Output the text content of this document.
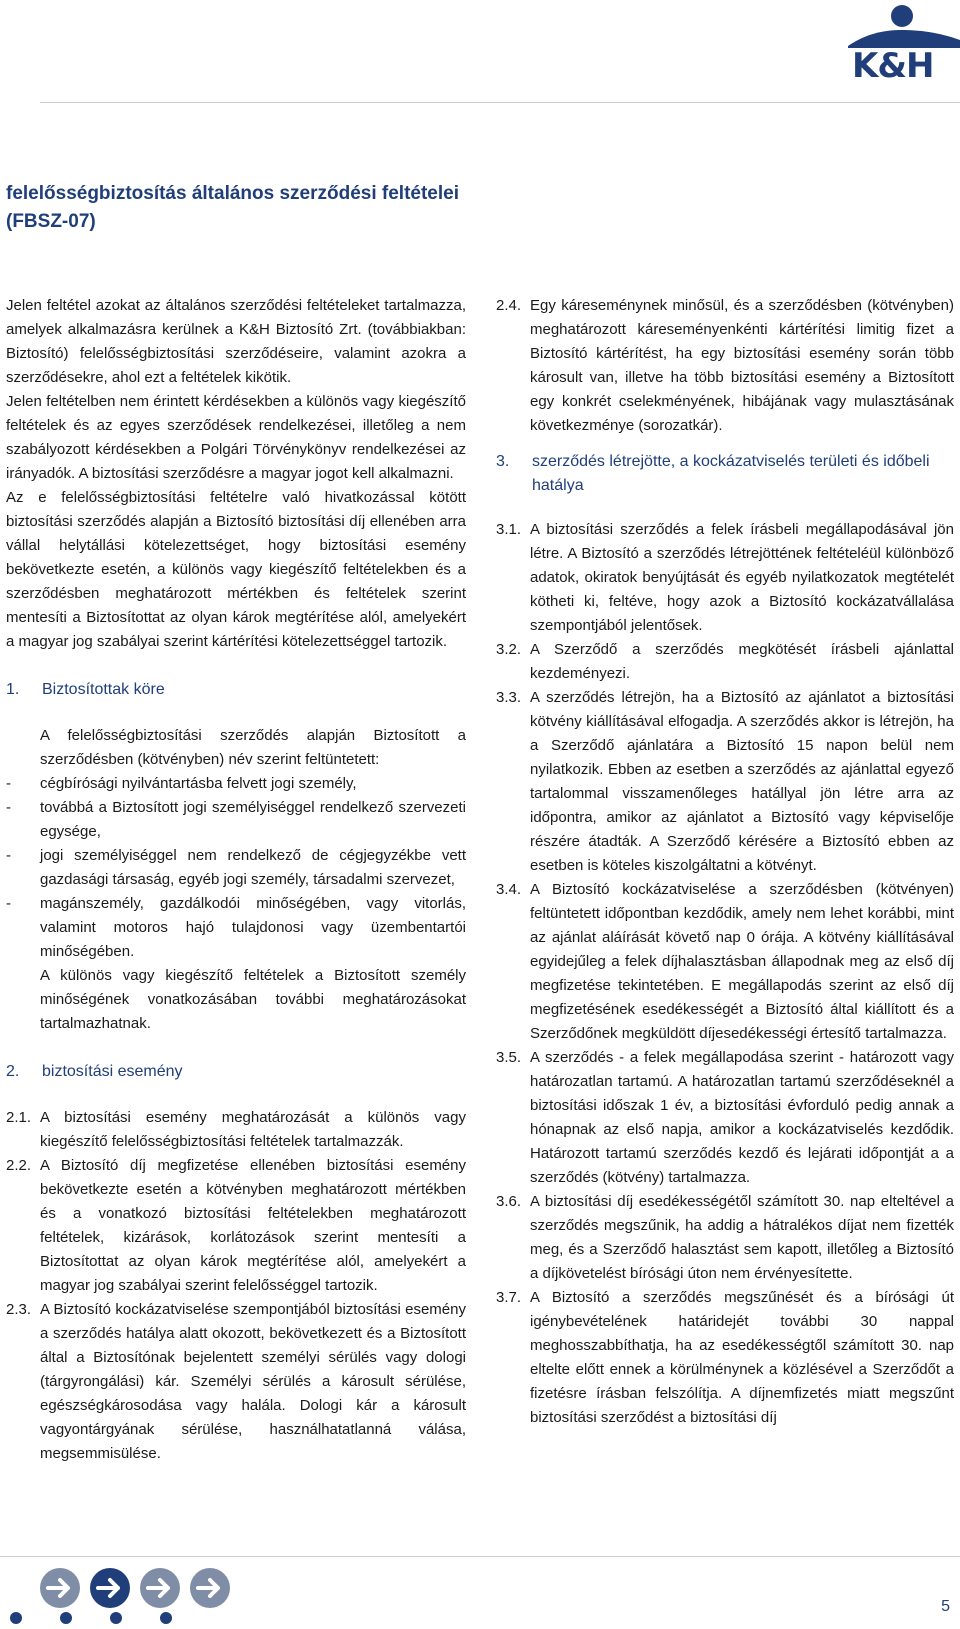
K&H
felelősségbiztosítás általános szerződési feltételei
(FBSZ-07)

Jelen feltétel azokat az általános szerződési feltételeket tartalmazza, amelyek alkalmazásra kerülnek a K&H Biztosító Zrt. (továbbiakban: Biztosító) felelősségbiztosítási szerződéseire, valamint azokra a szerződésekre, ahol ezt a feltételek kikötik.

Jelen feltételben nem érintett kérdésekben a különös vagy kiegészítő feltételek és az egyes szerződések rendelkezései, illetőleg a nem szabályozott kérdésekben a Polgári Törvénykönyv rendelkezései az irányadók. A biztosítási szerződésre a magyar jogot kell alkalmazni.

Az e felelősségbiztosítási feltételre való hivatkozással kötött biztosítási szerződés alapján a Biztosító biztosítási díj ellenében arra vállal helytállási kötelezettséget, hogy biztosítási esemény bekövetkezte esetén, a különös vagy kiegészítő feltételekben és a szerződésben meghatározott mértékben és feltételek szerint mentesíti a Biztosítottat az olyan károk megtérítése alól, amelyekért a magyar jog szabályai szerint kártérítési kötelezettséggel tartozik.

1.	Biztosítottak köre

A felelősségbiztosítási szerződés alapján Biztosított a szerződésben (kötvényben) név szerint feltüntetett:

-	cégbírósági nyilvántartásba felvett jogi személy,
-	továbbá a Biztosított jogi személyiséggel rendelkező szervezeti egysége,
-	jogi személyiséggel nem rendelkező de cégjegyzékbe vett gazdasági társaság, egyéb jogi személy, társadalmi szervezet,
-	magánszemély, gazdálkodói minőségében, vagy vitorlás, valamint motoros hajó tulajdonosi vagy üzembentartói minőségében.

A különös vagy kiegészítő feltételek a Biztosított személy minőségének vonatkozásában további meghatározásokat tartalmazhatnak.

2.	biztosítási esemény
2.1. A biztosítási esemény meghatározását a különös vagy kiegészítő felelősségbiztosítási feltételek tartalmazzák.
2.2. A Biztosító díj megfizetése ellenében biztosítási esemény bekövetkezte esetén a kötvényben meghatározott mértékben és a vonatkozó biztosítási feltételekben meghatározott feltételek, kizárások, korlátozások szerint mentesíti a Biztosítottat az olyan károk megtérítése alól, amelyekért a magyar jog szabályai szerint felelősséggel tartozik.
2.3. A Biztosító kockázatviselése szempontjából biztosítási esemény a szerződés hatálya alatt okozott, bekövetkezett és a Biztosított által a Biztosítónak bejelentett személyi sérülés vagy dologi (tárgyrongálási) kár. Személyi sérülés a károsult sérülése, egészségkárosodása vagy halála. Dologi kár a károsult vagyontárgyának sérülése, használhatatlanná válása, megsemmisülése.
2.4. Egy káreseménynek minősül, és a szerződésben (kötvényben) meghatározott káreseményenkénti kártérítési limitig fizet a Biztosító kártérítést, ha egy biztosítási esemény során több károsult van, illetve ha több biztosítási esemény a Biztosított egy konkrét cselekményének, hibájának vagy mulasztásának következménye (sorozatkár).
3.	szerződés létrejötte, a kockázatviselés területi és időbeli hatálya
3.1. A biztosítási szerződés a felek írásbeli megállapodásával jön létre. A Biztosító a szerződés létrejöttének feltételéül különböző adatok, okiratok benyújtását és egyéb nyilatkozatok megtételét kötheti ki, feltéve, hogy azok a Biztosító kockázatvállalása szempontjából jelentősek.
3.2. A Szerződő a szerződés megkötését írásbeli ajánlattal kezdeményezi.
3.3. A szerződés létrejön, ha a Biztosító az ajánlatot a biztosítási kötvény kiállításával elfogadja. A szerződés akkor is létrejön, ha a Szerződő ajánlatára a Biztosító 15 napon belül nem nyilatkozik. Ebben az esetben a szerződés az ajánlattal egyező tartalommal visszamenőleges hatállyal jön létre arra az időpontra, amikor az ajánlatot a Biztosító vagy képviselője részére átadták. A Szerződő kérésére a Biztosító ebben az esetben is köteles kiszolgáltatni a kötvényt.
3.4. A Biztosító kockázatviselése a szerződésben (kötvényen) feltüntetett időpontban kezdődik, amely nem lehet korábbi, mint az ajánlat aláírását követő nap 0 órája. A kötvény kiállításával egyidejűleg a felek díjhalasztásban állapodnak meg az első díj megfizetése tekintetében. E megállapodás szerint az első díj megfizetésének esedékességét a Biztosító által kiállított és a Szerződőnek megküldött díjesedékességi értesítő tartalmazza.
3.5. A szerződés - a felek megállapodása szerint - határozott vagy határozatlan tartamú. A határozatlan tartamú szerződéseknél a biztosítási időszak 1 év, a biztosítási évforduló pedig annak a hónapnak az első napja, amikor a kockázatviselés kezdődik. Határozott tartamú szerződés kezdő és lejárati időpontját a a szerződés (kötvény) tartalmazza.
3.6. A biztosítási díj esedékességétől számított 30. nap elteltével a szerződés megszűnik, ha addig a hátralékos díjat nem fizették meg, és a Szerződő halasztást sem kapott, illetőleg a Biztosító a díjkövetelést bírósági úton nem érvényesítette.
3.7. A Biztosító a szerződés megszűnését és a bírósági út igénybevételének határidejét további 30 nappal meghosszabbíthatja, ha az esedékességtől számított 30. nap eltelte előtt ennek a körülménynek a közlésével a Szerződőt a fizetésre írásban felszólítja. A díjnemfizetés miatt megszűnt biztosítási szerződést a biztosítási díj
5
